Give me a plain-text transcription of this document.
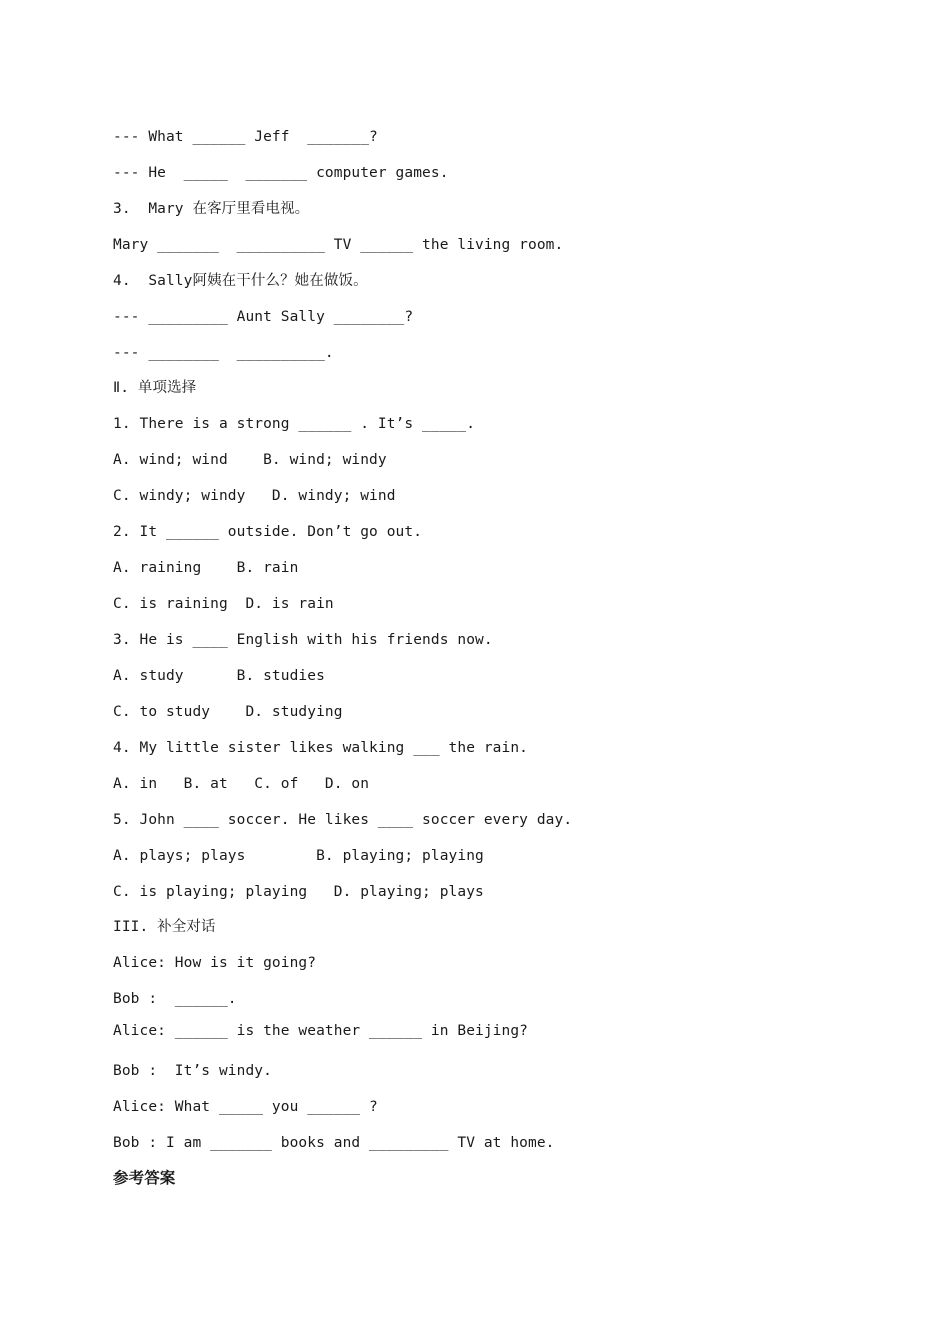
--- What ______ Jeff  _______?
--- He  _____  _______ computer games.
3.  Mary 在客厅里看电视。
Mary _______  __________ TV ______ the living room.
4.  Sally阿姨在干什么？她在做饭。
--- _________ Aunt Sally ________?
--- ________  __________.
Ⅱ. 单项选择
1. There is a strong ______ . It’s _____.
A. wind; wind    B. wind; windy
C. windy; windy   D. windy; wind
2. It ______ outside. Don’t go out.
A. raining    B. rain
C. is raining  D. is rain
3. He is ____ English with his friends now.
A. study      B. studies
C. to study    D. studying
4. My little sister likes walking ___ the rain.
A. in   B. at   C. of   D. on
5. John ____ soccer. He likes ____ soccer every day.
A. plays; plays        B. playing; playing
C. is playing; playing   D. playing; plays
III. 补全对话
Alice: How is it going?
Bob :  ______.
Alice: ______ is the weather ______ in Beijing?
Bob :  It’s windy.
Alice: What _____ you ______ ?
Bob : I am _______ books and _________ TV at home.
参考答案
